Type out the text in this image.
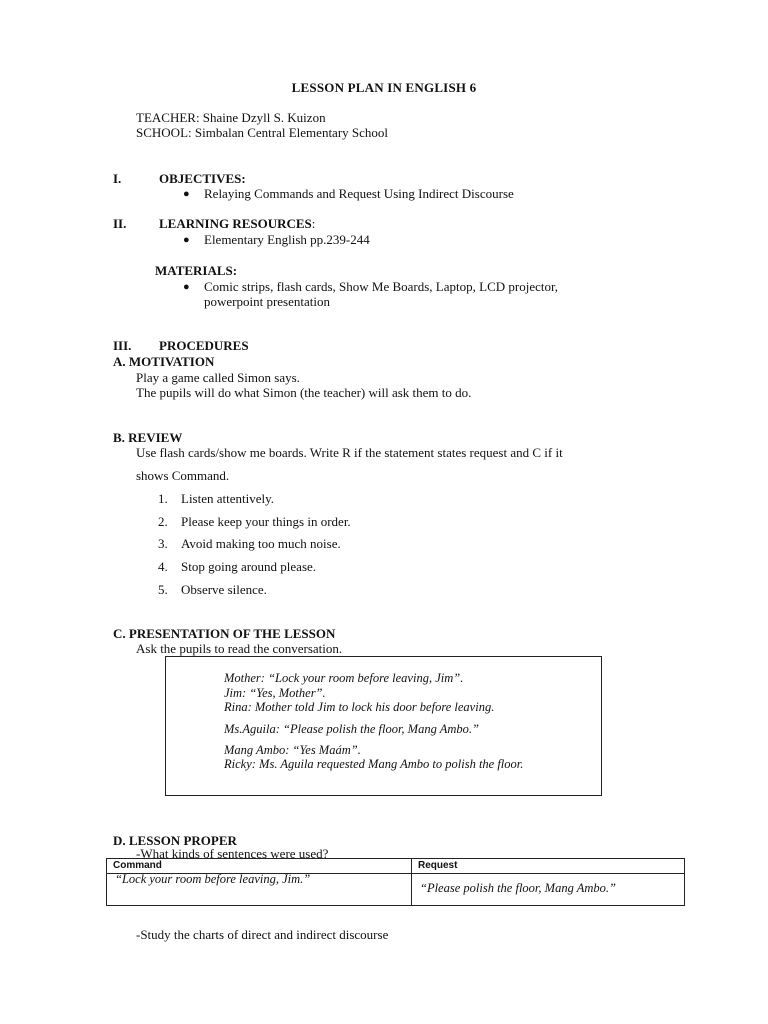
LESSON PLAN IN ENGLISH 6
TEACHER: Shaine Dzyll S. Kuizon
SCHOOL: Simbalan Central Elementary School
I.	OBJECTIVES:
● Relaying Commands and Request Using Indirect Discourse
II.	LEARNING RESOURCES:
● Elementary English pp.239-244
MATERIALS:
● Comic strips, flash cards, Show Me Boards, Laptop, LCD projector,
powerpoint presentation
III. PROCEDURES
A. MOTIVATION
Play a game called Simon says.
The pupils will do what Simon (the teacher) will ask them to do.
B. REVIEW
Use flash cards/show me boards. Write R if the statement states request and C if it
shows Command.
1. Listen attentively.
2. Please keep your things in order.
3. Avoid making too much noise.
4. Stop going around please.
5. Observe silence.
C. PRESENTATION OF THE LESSON
Ask the pupils to read the conversation.
Mother: “Lock your room before leaving, Jim”.
Jim: “Yes, Mother”.
Rina: Mother told Jim to lock his door before leaving.
Ms.Aguila: “Please polish the floor, Mang Ambo.”
Mang Ambo: “Yes Maám”.
Ricky: Ms. Aguila requested Mang Ambo to polish the floor.
D. LESSON PROPER
-What kinds of sentences were used?
Command	Request

“Lock your room before leaving, Jim.”	“Please polish the floor, Mang Ambo.”
-Study the charts of direct and indirect discourse
